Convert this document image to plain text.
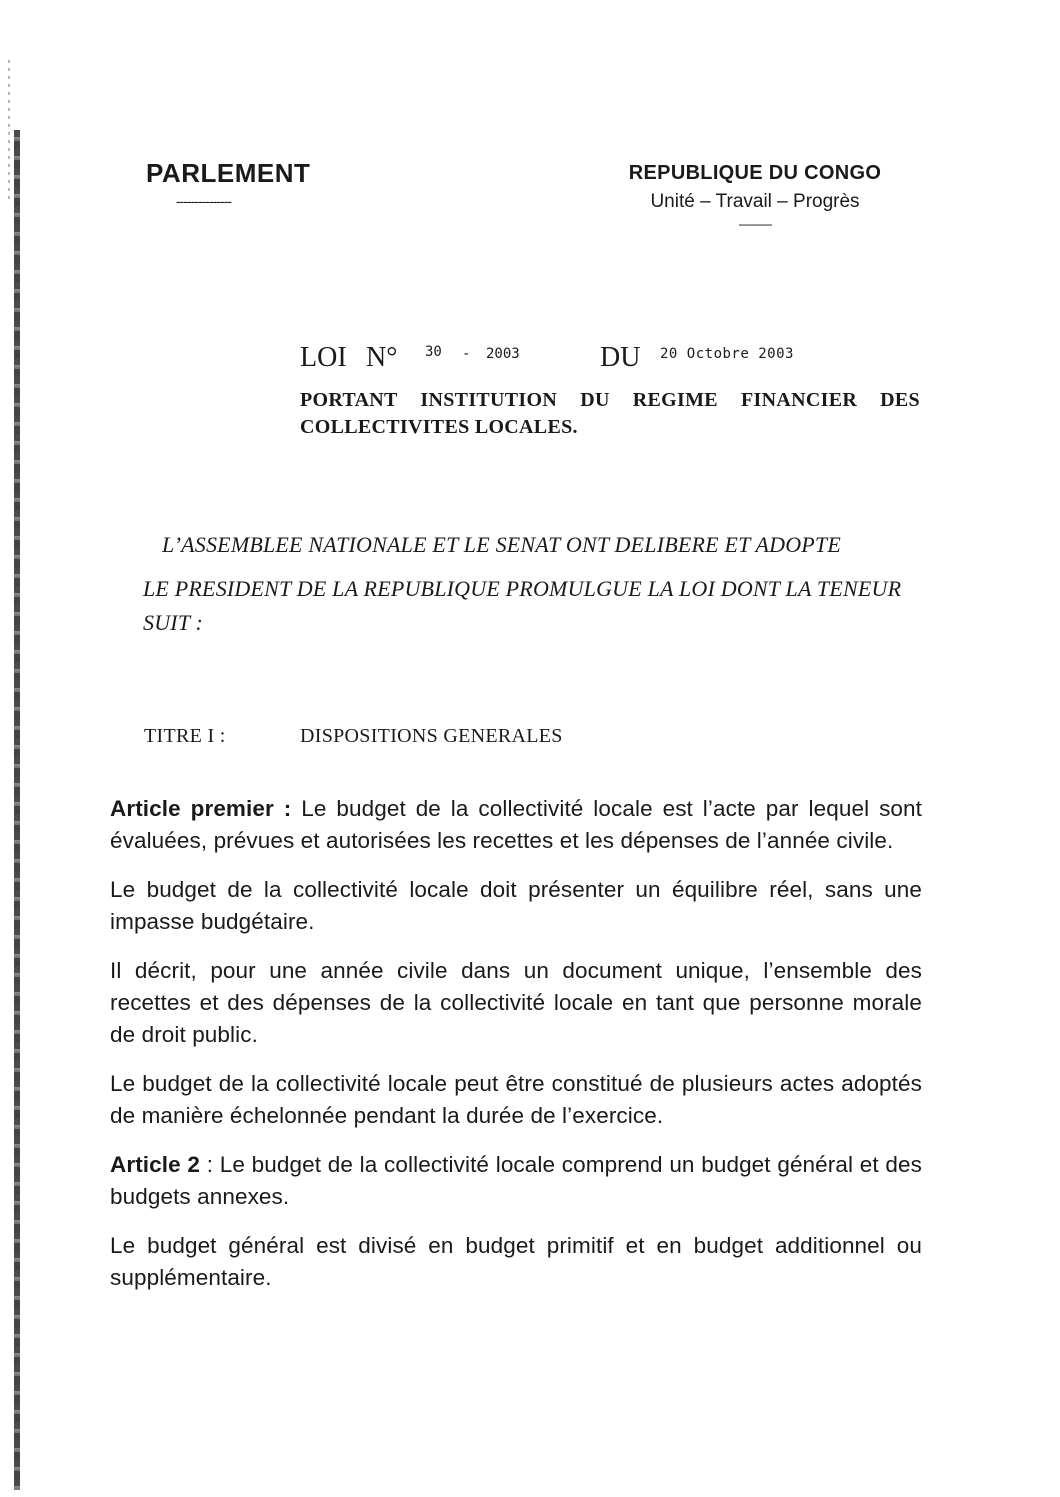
PARLEMENT
---------------
REPUBLIQUE DU CONGO
Unité – Travail – Progrès
-----------
LOI N° 30 - 2003	DU 20 Octobre 2003
PORTANT INSTITUTION DU REGIME FINANCIER DES COLLECTIVITES LOCALES.
L’ASSEMBLEE NATIONALE ET LE SENAT ONT DELIBERE ET ADOPTE
LE PRESIDENT DE LA REPUBLIQUE PROMULGUE LA LOI DONT LA TENEUR SUIT :
TITRE I :	DISPOSITIONS GENERALES

Article premier : Le budget de la collectivité locale est l’acte par lequel sont évaluées, prévues et autorisées les recettes et les dépenses de l’année civile.

Le budget de la collectivité locale doit présenter un équilibre réel, sans une impasse budgétaire.

Il décrit, pour une année civile dans un document unique, l’ensemble des recettes et des dépenses de la collectivité locale en tant que personne morale de droit public.

Le budget de la collectivité locale peut être constitué de plusieurs actes adoptés de manière échelonnée pendant la durée de l’exercice.

Article 2 : Le budget de la collectivité locale comprend un budget général et des budgets annexes.

Le budget général est divisé en budget primitif et en budget additionnel ou supplémentaire.
